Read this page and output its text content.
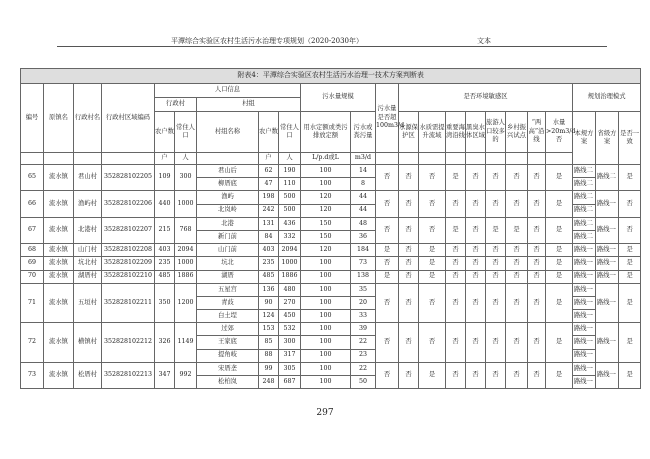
平潭综合实验区农村生活污水治理专项规划（2020-2030年）	文本
附表4：平潭综合实验区农村生活污水治理一技术方案判断表																						
编号	原镇名	行政村名	行政村区域编码	人口信息					污水量规模		污水量是否超100m3/d	是否环境敏感区								规划治理模式		
				行政村		村组																
				农户数	常住人口	村组名称	农户数	常住人口	用水定额或类污排放定额	污水或粪污量		水源保护区	水质需提升流域	重要海湾沿线	黑臭水体区域	旅游人口较多的	乡村振兴试点	“两高”沿线	水量>20m3/d否	本规方案	省级方案	是否一致
				户	人		户	人	L/p.d或L	m3/d												
65	流水镇	君山村	352828102205	109	300	君山后	62	190	100	14	否	否	否	是	否	否	否	否	是	路线二	路线二	是
						柳厝底	47	110	100	8										路线二		
66	流水镇	渔屿村	352828102206	440	1000	渔屿	198	500	120	44	否	否	否	否	否	否	否	否	是	路线二	路线一	否
						北岚岭	242	500	120	44										路线二		
67	流水镇	北港村	352828102207	215	768	北港	131	436	150	48	否	否	否	是	否	是	是	否	是	路线二	路线一	否
						新门前	84	332	150	36										路线二		
68	流水镇	山门村	352828102208	403	2094	山门前	403	2094	120	184	是	否	是	否	否	否	否	否	是	路线一	路线一	是
69	流水镇	坑北村	352828102209	235	1000	坑北	235	1000	100	73	否	否	是	否	否	否	否	否	是	路线一	路线一	是
70	流水镇	湖厝村	352828102210	485	1886	湖厝	485	1886	100	138	是	否	是	否	否	否	否	否	是	路线一	路线一	是
71	流水镇	五垣村	352828102211	350	1200	五星宫	136	480	100	35	否	否	否	否	否	否	否	否	是	路线一	路线一	是
						青歧	90	270	100	20										路线一		
						白土埕	124	450	100	33										路线一		
72	流水镇	横镇村	352828102212	326	1149	过郊	153	532	100	39	否	否	否	否	否	否	否	否	是	路线一	路线一	是
						王家底	85	300	100	22										路线一		
						提角岐	88	317	100	23										路线一		
73	流水镇	松厝村	352828102213	347	992	宋厝垄	99	305	100	22	否	否	是	否	否	否	否	否	是	路线一	路线一	是
						松柏岚	248	687	100	50										路线一		
297
